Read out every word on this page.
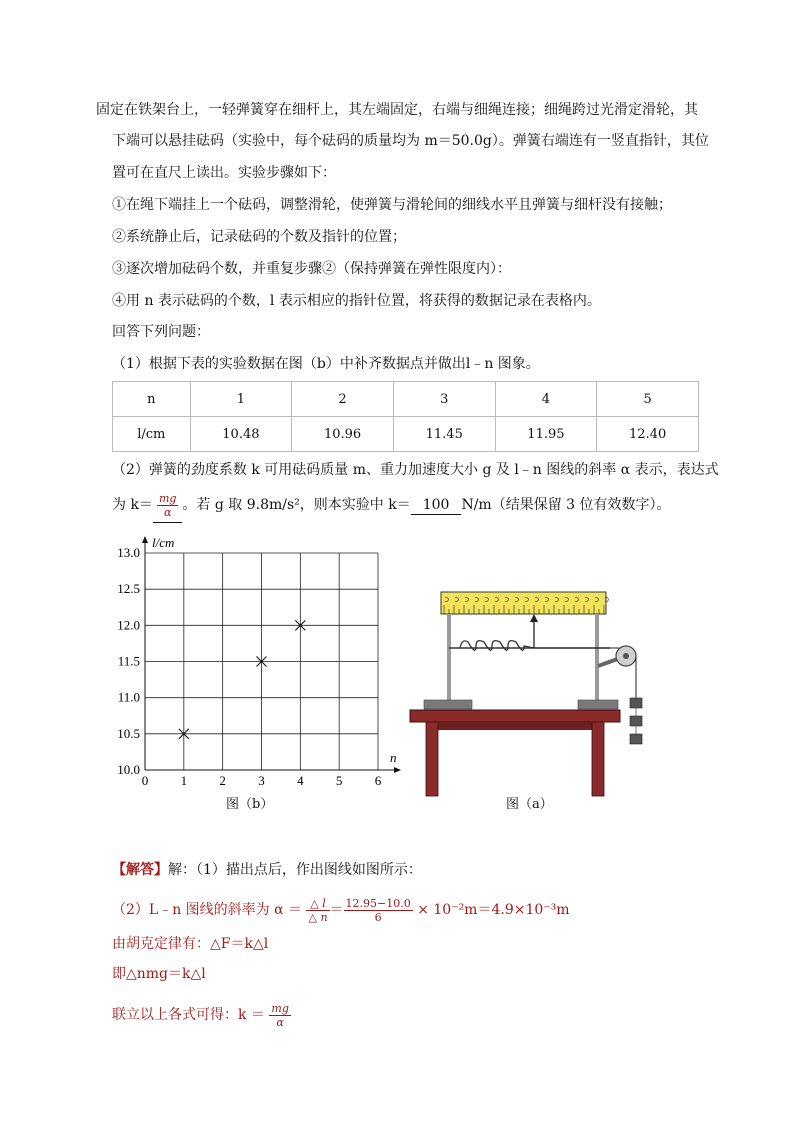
固定在铁架台上，一轻弹簧穿在细杆上，其左端固定，右端与细绳连接；细绳跨过光滑定滑轮，其
下端可以悬挂砝码（实验中，每个砝码的质量均为 m＝50.0g）。弹簧右端连有一竖直指针，其位
置可在直尺上读出。实验步骤如下：
①在绳下端挂上一个砝码，调整滑轮，使弹簧与滑轮间的细线水平且弹簧与细杆没有接触；
②系统静止后，记录砝码的个数及指针的位置；
③逐次增加砝码个数，并重复步骤②（保持弹簧在弹性限度内）：
④用 n 表示砝码的个数，l 表示相应的指针位置，将获得的数据记录在表格内。
回答下列问题：
（1）根据下表的实验数据在图（b）中补齐数据点并做出l﹣n 图象。
n	1	2	3	4	5
l/cm	10.48	10.96	11.45	11.95	12.40
（2）弹簧的劲度系数 k 可用砝码质量 m、重力加速度大小 g 及 l﹣n 图线的斜率 α 表示，表达式
为 $k= \frac{mg}{\alpha}$ 。若 g 取 9.8m/s²，则本实验中 k＝ 100 N/m（结果保留 3 位有效数字）。
13.0
12.5
12.0
11.5
11.0
10.5
10.0
0 1 2 3 4 5 6
l/cm
n
图（b）	图（a）
【解答】解：（1）描出点后，作出图线如图所示：
（2）L﹣n 图线的斜率为 $\alpha = \frac{\triangle l}{\triangle n} = \frac{12.95-10.0}{6} \times 10^{-2}m=4.9\times 10^{-3}m$
由胡克定律有：△F＝k△l
即△nmg＝k△l
联立以上各式可得：$k = \frac{mg}{\alpha}$
